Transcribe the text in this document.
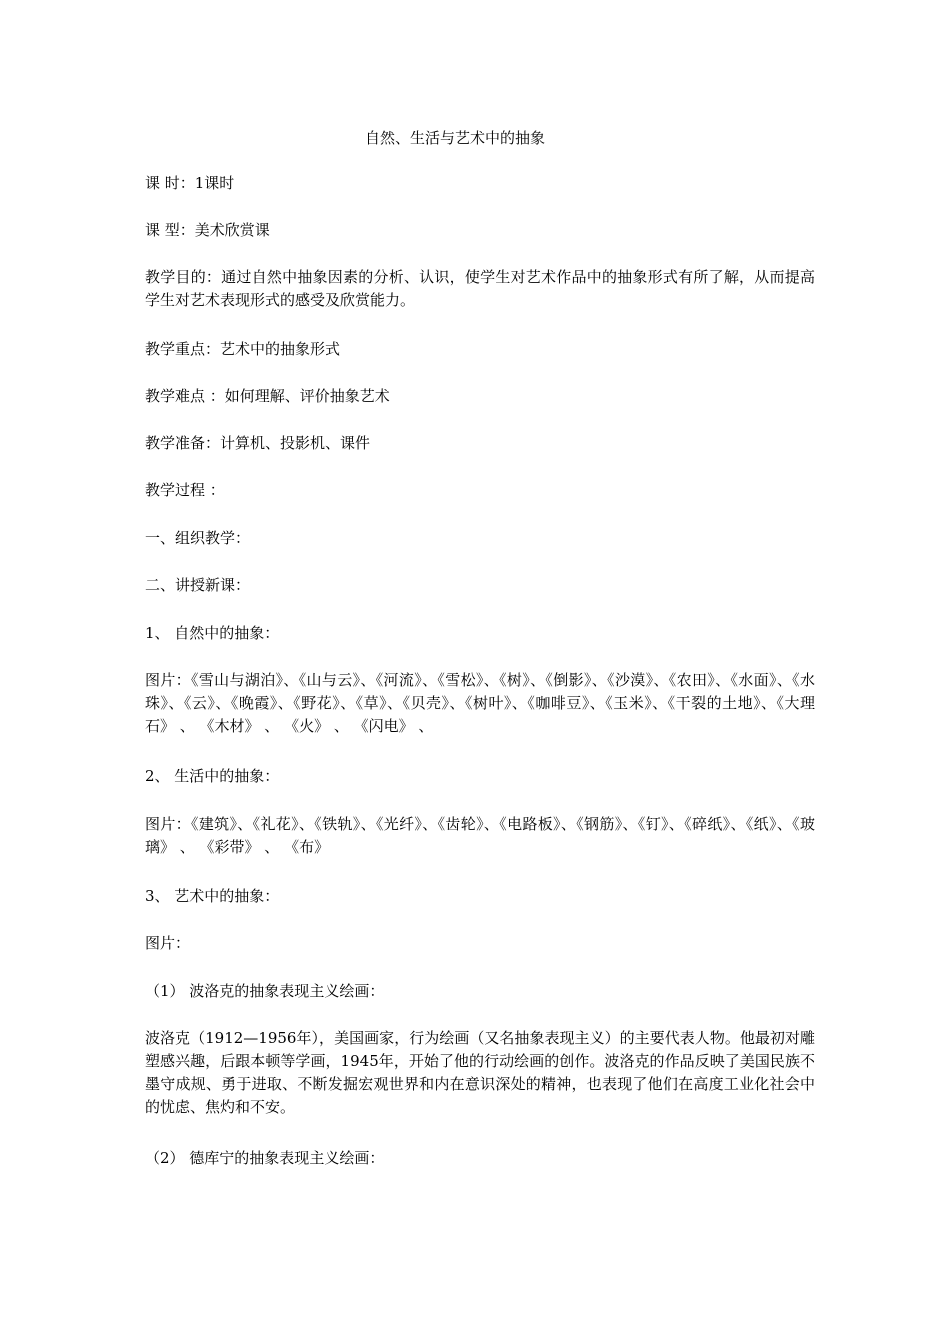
自然、生活与艺术中的抽象

课 时：1课时

课 型：美术欣赏课

教学目的：通过自然中抽象因素的分析、认识，使学生对艺术作品中的抽象形式有所了解，从而提高学生对艺术表现形式的感受及欣赏能力。

教学重点：艺术中的抽象形式

教学难点 ：如何理解、评价抽象艺术

教学准备：计算机、投影机、课件

教学过程 ：

一、组织教学：

二、讲授新课：

1、 自然中的抽象：

图片：《雪山与湖泊》、《山与云》、《河流》、《雪松》、《树》、《倒影》、《沙漠》、《农田》、《水面》、《水珠》、《云》、《晚霞》、《野花》、《草》、《贝壳》、《树叶》、《咖啡豆》、《玉米》、《干裂的土地》、《大理石》 、 《木材》 、 《火》 、 《闪电》 、

2、 生活中的抽象：

图片：《建筑》、《礼花》、《铁轨》、《光纤》、《齿轮》、《电路板》、《钢筋》、《钉》、《碎纸》、《纸》、《玻璃》 、 《彩带》 、 《布》

3、 艺术中的抽象：

图片：

（1） 波洛克的抽象表现主义绘画：

波洛克（1912—1956年），美国画家，行为绘画（又名抽象表现主义）的主要代表人物。他最初对雕塑感兴趣，后跟本顿等学画，1945年，开始了他的行动绘画的创作。波洛克的作品反映了美国民族不墨守成规、勇于进取、不断发掘宏观世界和内在意识深处的精神，也表现了他们在高度工业化社会中的忧虑、焦灼和不安。

（2） 德库宁的抽象表现主义绘画：
